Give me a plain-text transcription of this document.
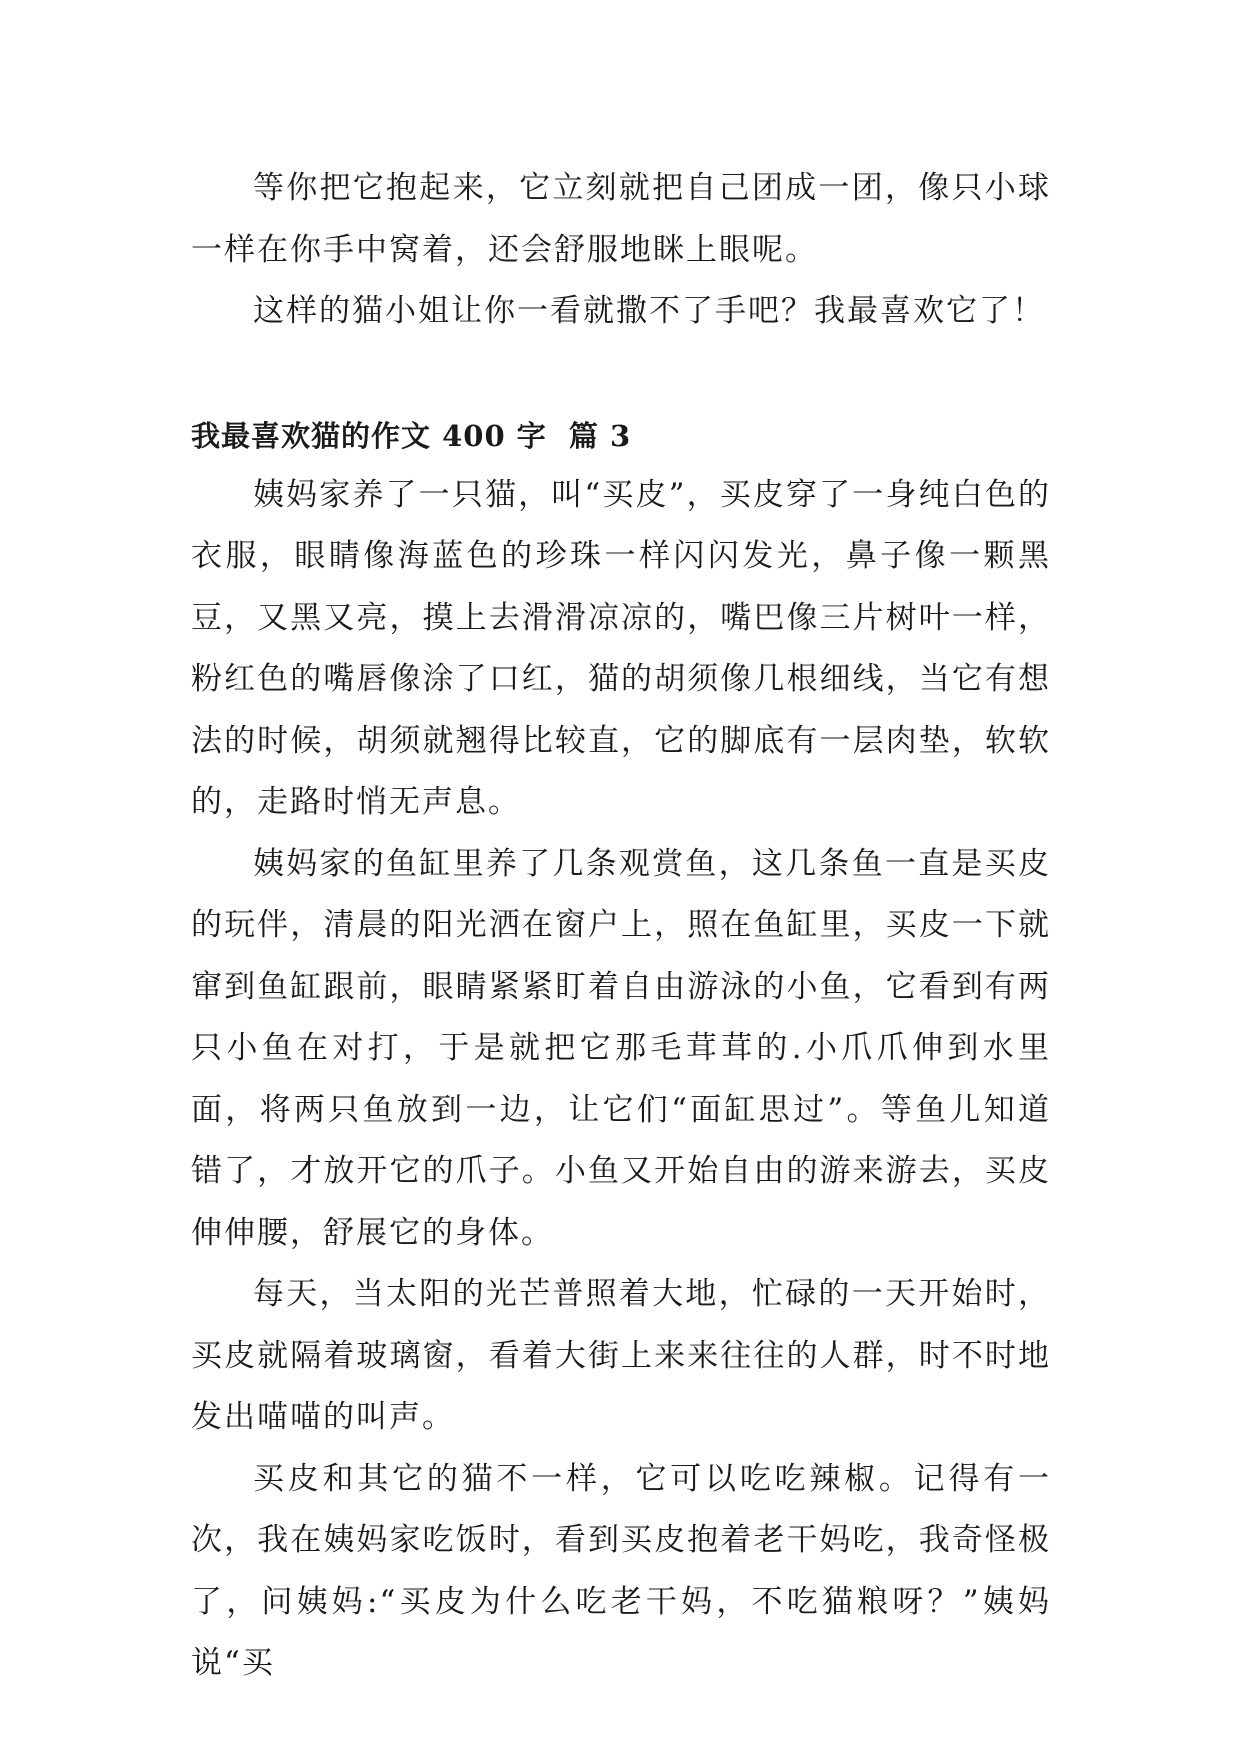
等你把它抱起来，它立刻就把自己团成一团，像只小球一样在你手中窝着，还会舒服地眯上眼呢。

这样的猫小姐让你一看就撒不了手吧？我最喜欢它了！

我最喜欢猫的作文 400 字  篇 3

姨妈家养了一只猫，叫“买皮”，买皮穿了一身纯白色的衣服，眼睛像海蓝色的珍珠一样闪闪发光，鼻子像一颗黑豆，又黑又亮，摸上去滑滑凉凉的，嘴巴像三片树叶一样，粉红色的嘴唇像涂了口红，猫的胡须像几根细线，当它有想法的时候，胡须就翘得比较直，它的脚底有一层肉垫，软软的，走路时悄无声息。

姨妈家的鱼缸里养了几条观赏鱼，这几条鱼一直是买皮的玩伴，清晨的阳光洒在窗户上，照在鱼缸里，买皮一下就窜到鱼缸跟前，眼睛紧紧盯着自由游泳的小鱼，它看到有两只小鱼在对打，于是就把它那毛茸茸的.小爪爪伸到水里面，将两只鱼放到一边，让它们“面缸思过”。等鱼儿知道错了，才放开它的爪子。小鱼又开始自由的游来游去，买皮伸伸腰，舒展它的身体。

每天，当太阳的光芒普照着大地，忙碌的一天开始时，买皮就隔着玻璃窗，看着大街上来来往往的人群，时不时地发出喵喵的叫声。

买皮和其它的猫不一样，它可以吃吃辣椒。记得有一次，我在姨妈家吃饭时，看到买皮抱着老干妈吃，我奇怪极了，问姨妈:“买皮为什么吃老干妈，不吃猫粮呀？”姨妈说“买
